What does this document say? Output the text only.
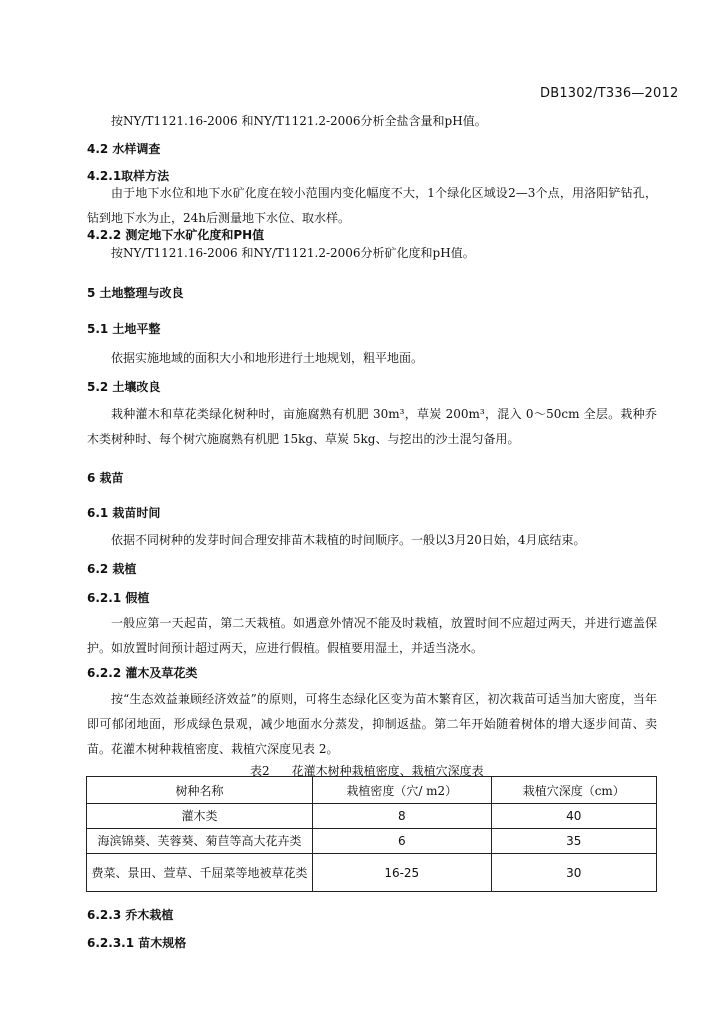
DB1302/T336—2012
按NY/T1121.16-2006 和NY/T1121.2-2006分析全盐含量和pH值。
4.2 水样调查
4.2.1取样方法
由于地下水位和地下水矿化度在较小范围内变化幅度不大，1个绿化区域设2—3个点，用洛阳铲钻孔，钻到地下水为止，24h后测量地下水位、取水样。
4.2.2 测定地下水矿化度和PH值
按NY/T1121.16-2006 和NY/T1121.2-2006分析矿化度和pH值。
5 土地整理与改良
5.1 土地平整
依据实施地域的面积大小和地形进行土地规划，粗平地面。
5.2 土壤改良
栽种灌木和草花类绿化树种时，亩施腐熟有机肥 30m³，草炭 200m³，混入 0～50cm 全层。栽种乔木类树种时、每个树穴施腐熟有机肥 15kg、草炭 5kg、与挖出的沙土混匀备用。
6 栽苗
6.1 栽苗时间
依据不同树种的发芽时间合理安排苗木栽植的时间顺序。一般以3月20日始，4月底结束。
6.2 栽植
6.2.1 假植
一般应第一天起苗，第二天栽植。如遇意外情况不能及时栽植，放置时间不应超过两天，并进行遮盖保护。如放置时间预计超过两天，应进行假植。假植要用湿土，并适当浇水。
6.2.2 灌木及草花类
按“生态效益兼顾经济效益”的原则，可将生态绿化区变为苗木繁育区，初次栽苗可适当加大密度，当年即可郁闭地面，形成绿色景观，减少地面水分蒸发，抑制返盐。第二年开始随着树体的增大逐步间苗、卖苗。花灌木树种栽植密度、栽植穴深度见表 2。
表2 花灌木树种栽植密度、栽植穴深度表
树种名称	栽植密度（穴/ m2）	栽植穴深度（cm）
灌木类	8	40
海滨锦葵、芙蓉葵、菊苣等高大花卉类	6	35
费菜、景田、萱草、千屈菜等地被草花类	16-25	30
6.2.3 乔木栽植
6.2.3.1 苗木规格
